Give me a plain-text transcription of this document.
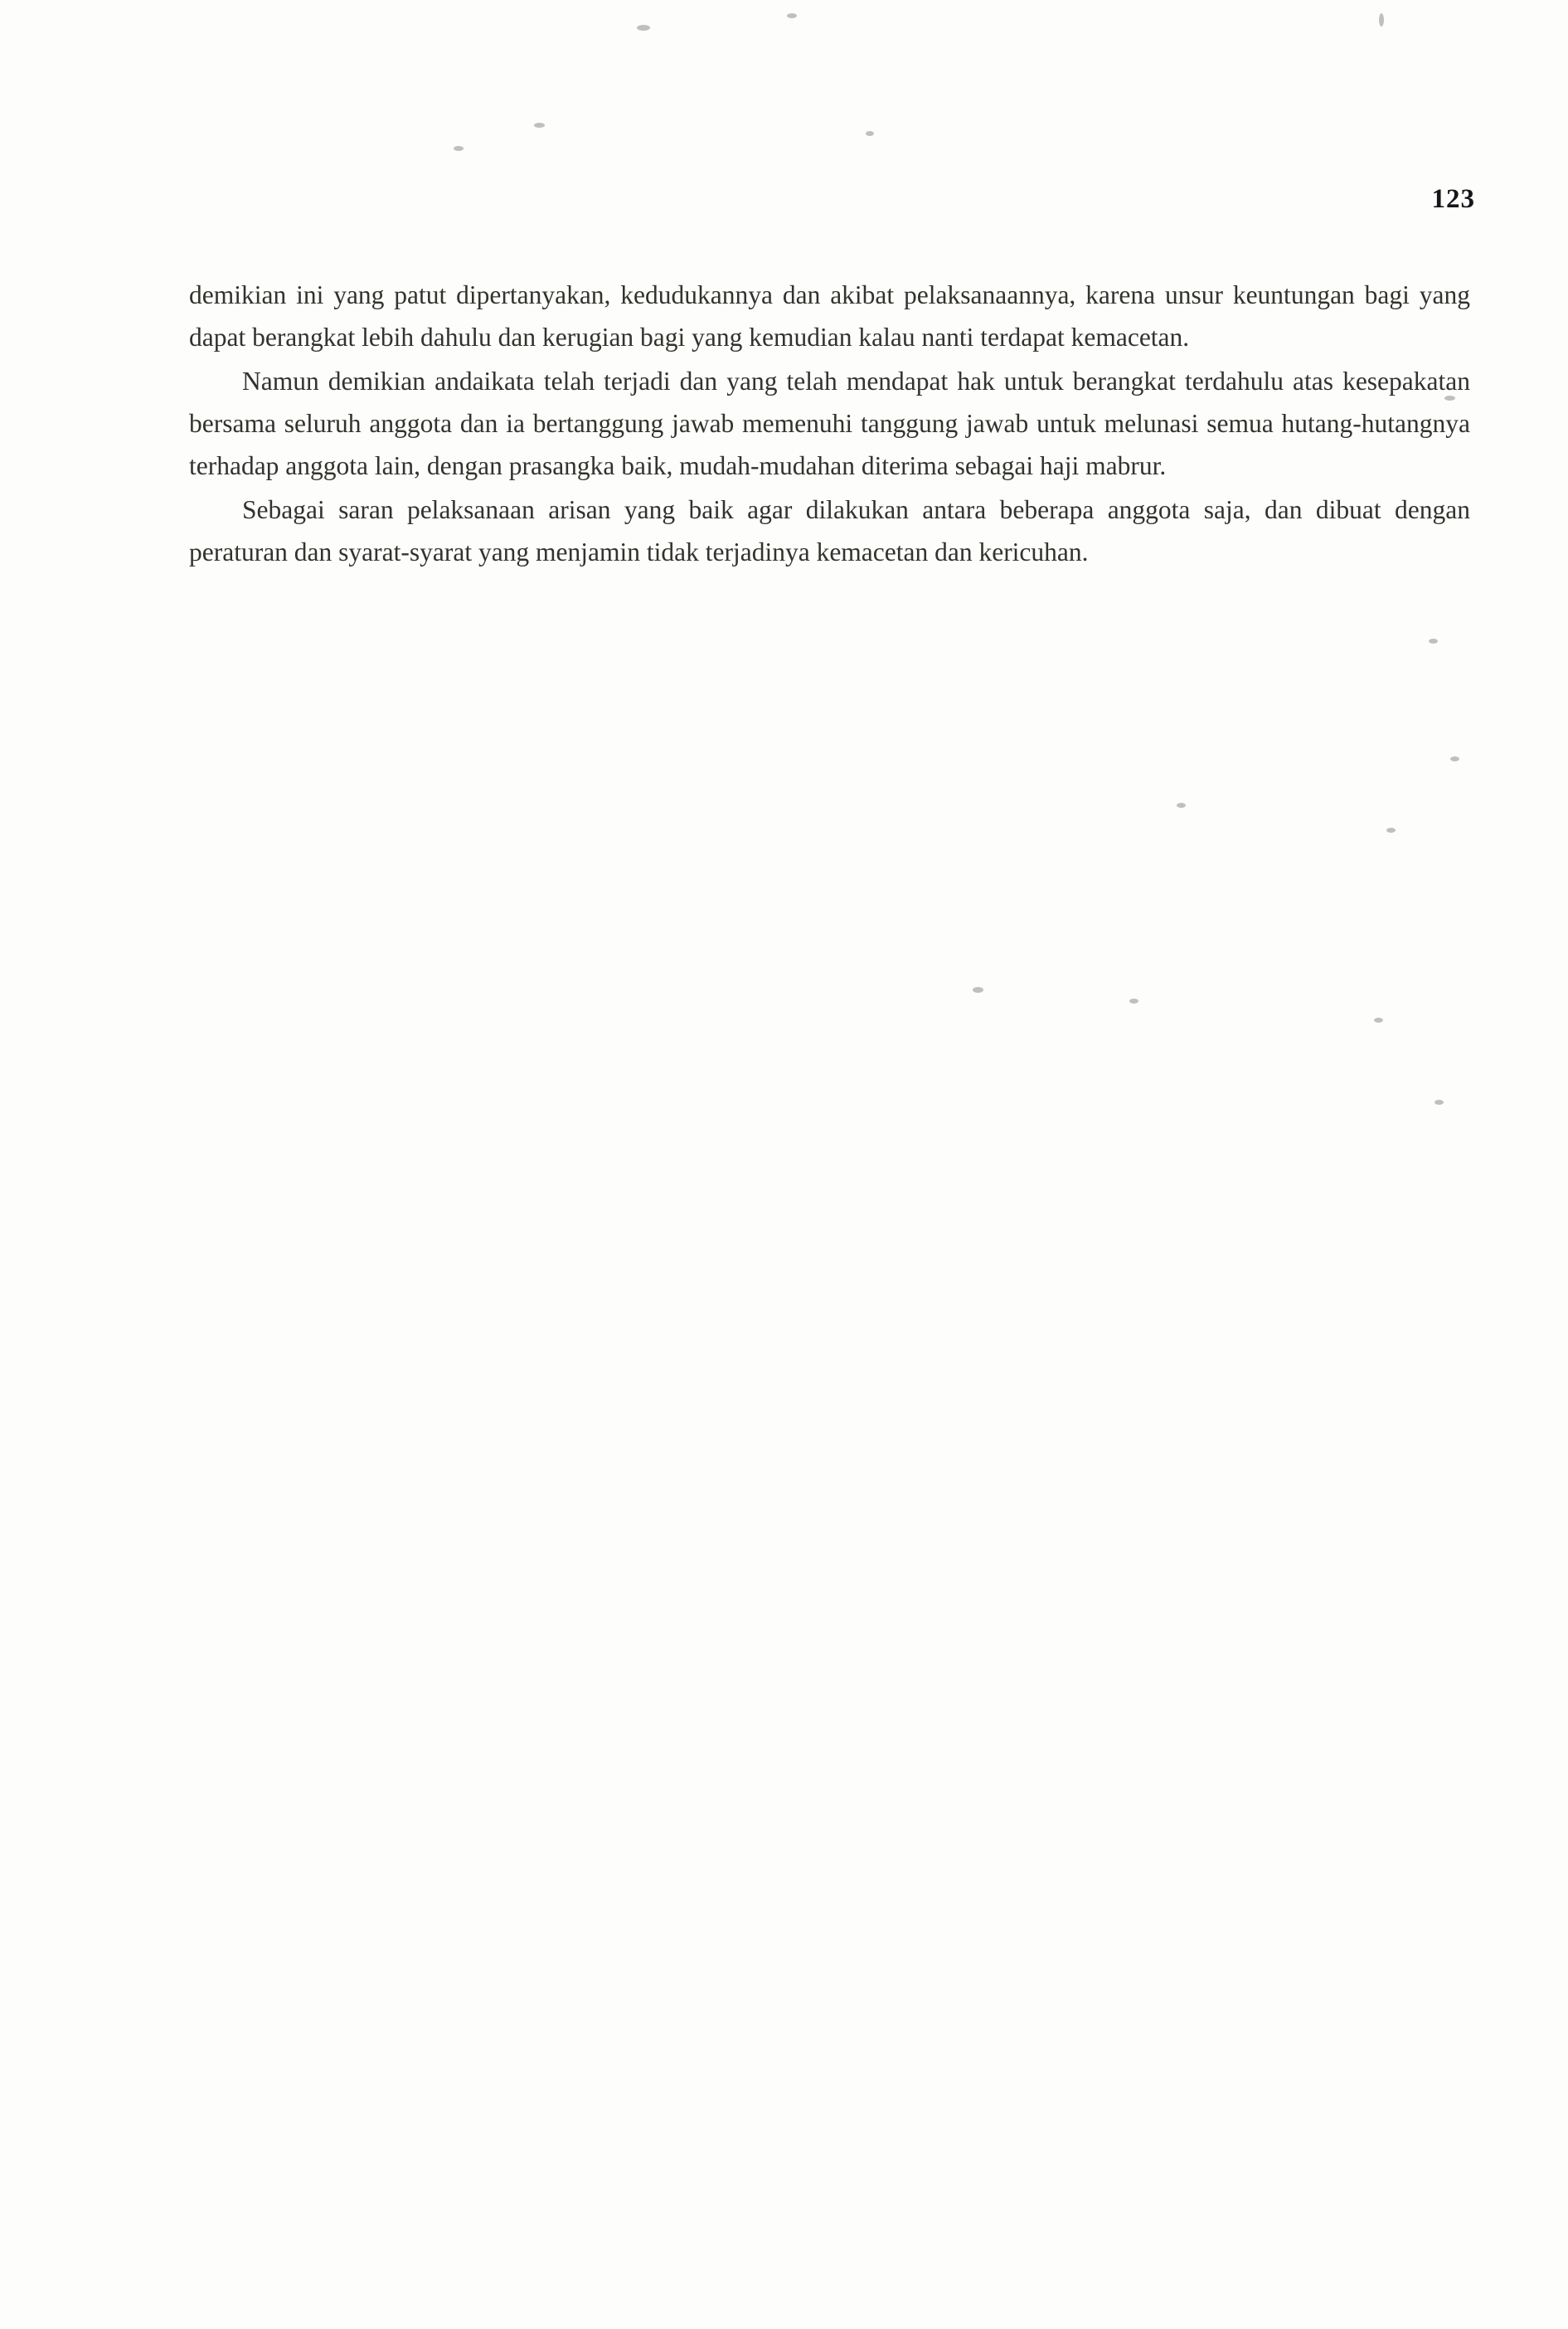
123

demikian ini yang patut dipertanyakan, kedudukannya dan akibat pelaksanaannya, karena unsur keuntungan bagi yang dapat berangkat lebih dahulu dan kerugian bagi yang kemudian kalau nanti terdapat kemacetan.

Namun demikian andaikata telah terjadi dan yang telah mendapat hak untuk berangkat terdahulu atas kesepakatan bersama seluruh anggota dan ia bertanggung jawab memenuhi tanggung jawab untuk melunasi semua hutang-hutangnya terhadap anggota lain, dengan prasangka baik, mudah-mudahan diterima sebagai haji mabrur.

Sebagai saran pelaksanaan arisan yang baik agar dilakukan antara beberapa anggota saja, dan dibuat dengan peraturan dan syarat-syarat yang menjamin tidak terjadinya kemacetan dan kericuhan.
